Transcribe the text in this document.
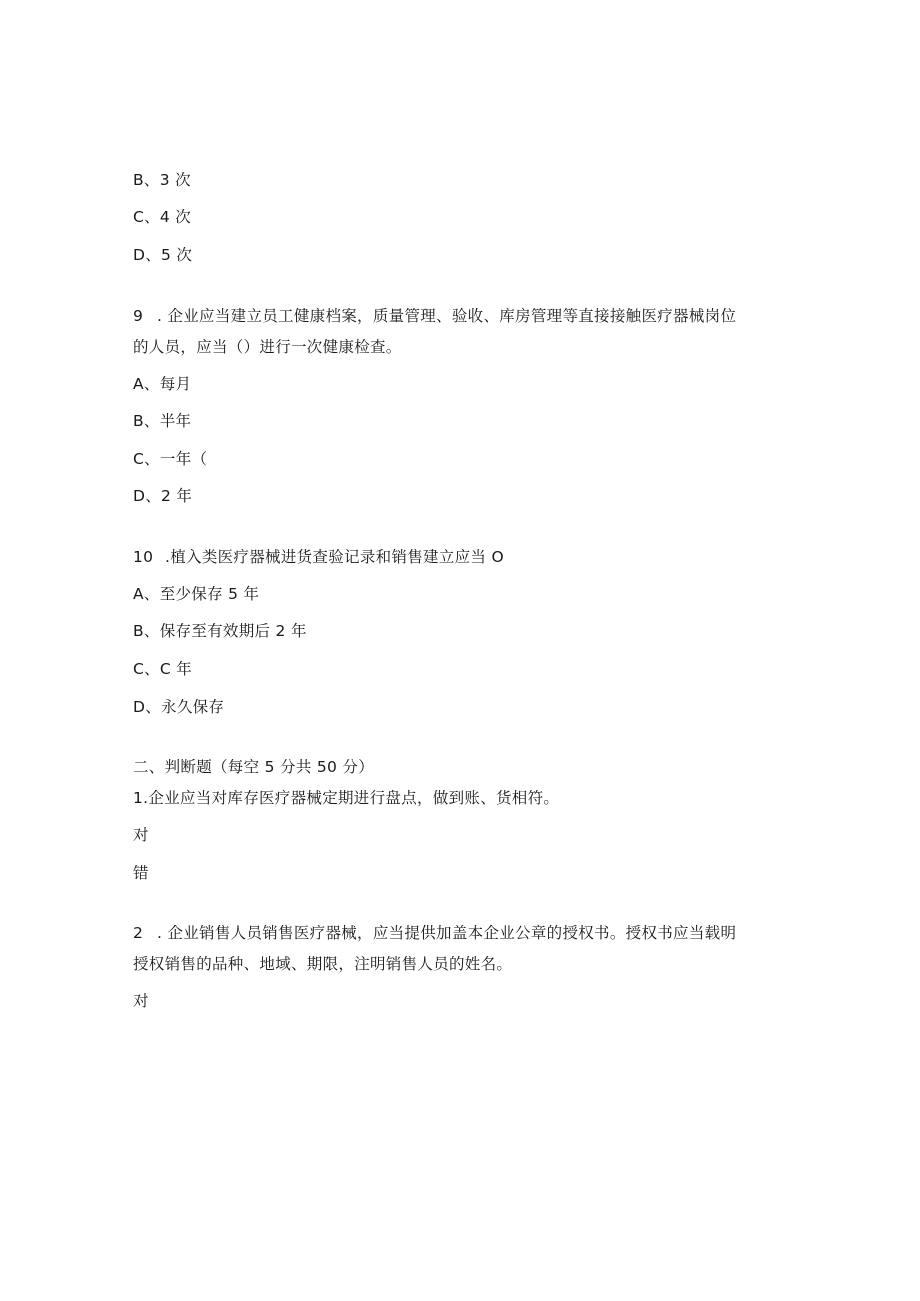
B、3 次
C、4 次
D、5 次
9 . 企业应当建立员工健康档案，质量管理、验收、库房管理等直接接触医疗器械岗位
的人员，应当（）进行一次健康检查。
A、每月
B、半年
C、一年（
D、2 年
10 .植入类医疗器械进货查验记录和销售建立应当 O
A、至少保存 5 年
B、保存至有效期后 2 年
C、C 年
D、永久保存
二、判断题（每空 5 分共 50 分）
1.企业应当对库存医疗器械定期进行盘点，做到账、货相符。
对
错
2 . 企业销售人员销售医疗器械，应当提供加盖本企业公章的授权书。授权书应当载明
授权销售的品种、地域、期限，注明销售人员的姓名。
对
